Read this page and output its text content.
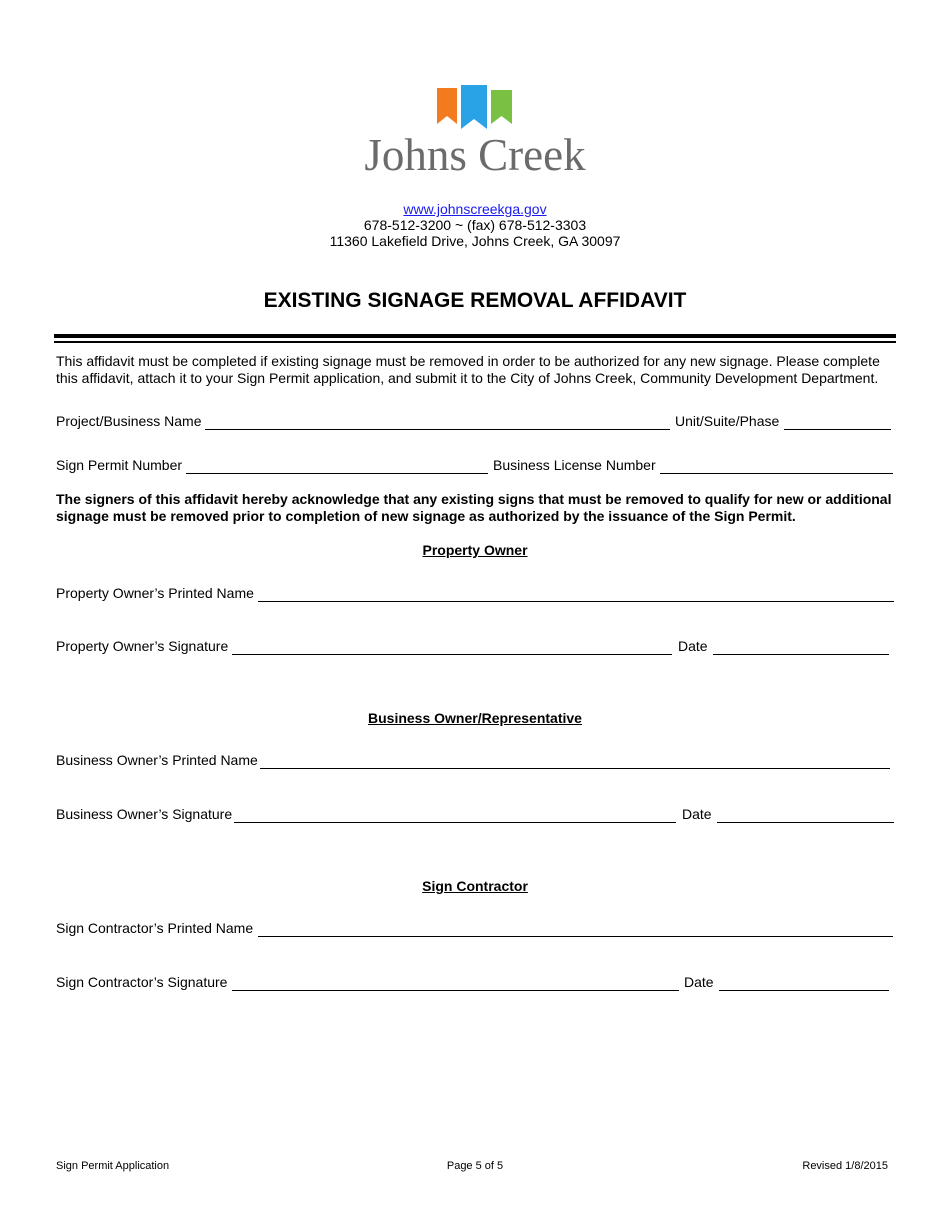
Johns Creek
www.johnscreekga.gov
678-512-3200 ~ (fax) 678-512-3303
11360 Lakefield Drive, Johns Creek, GA 30097
EXISTING SIGNAGE REMOVAL AFFIDAVIT
This affidavit must be completed if existing signage must be removed in order to be authorized for any new signage. Please complete this affidavit, attach it to your Sign Permit application, and submit it to the City of Johns Creek, Community Development Department.
Project/Business Name	Unit/Suite/Phase
Sign Permit Number	Business License Number
The signers of this affidavit hereby acknowledge that any existing signs that must be removed to qualify for new or additional signage must be removed prior to completion of new signage as authorized by the issuance of the Sign Permit.
Property Owner
Property Owner’s Printed Name
Property Owner’s Signature	Date
Business Owner/Representative
Business Owner’s Printed Name
Business Owner’s Signature	Date
Sign Contractor
Sign Contractor’s Printed Name
Sign Contractor’s Signature	Date
Sign Permit Application	Page 5 of 5	Revised 1/8/2015
